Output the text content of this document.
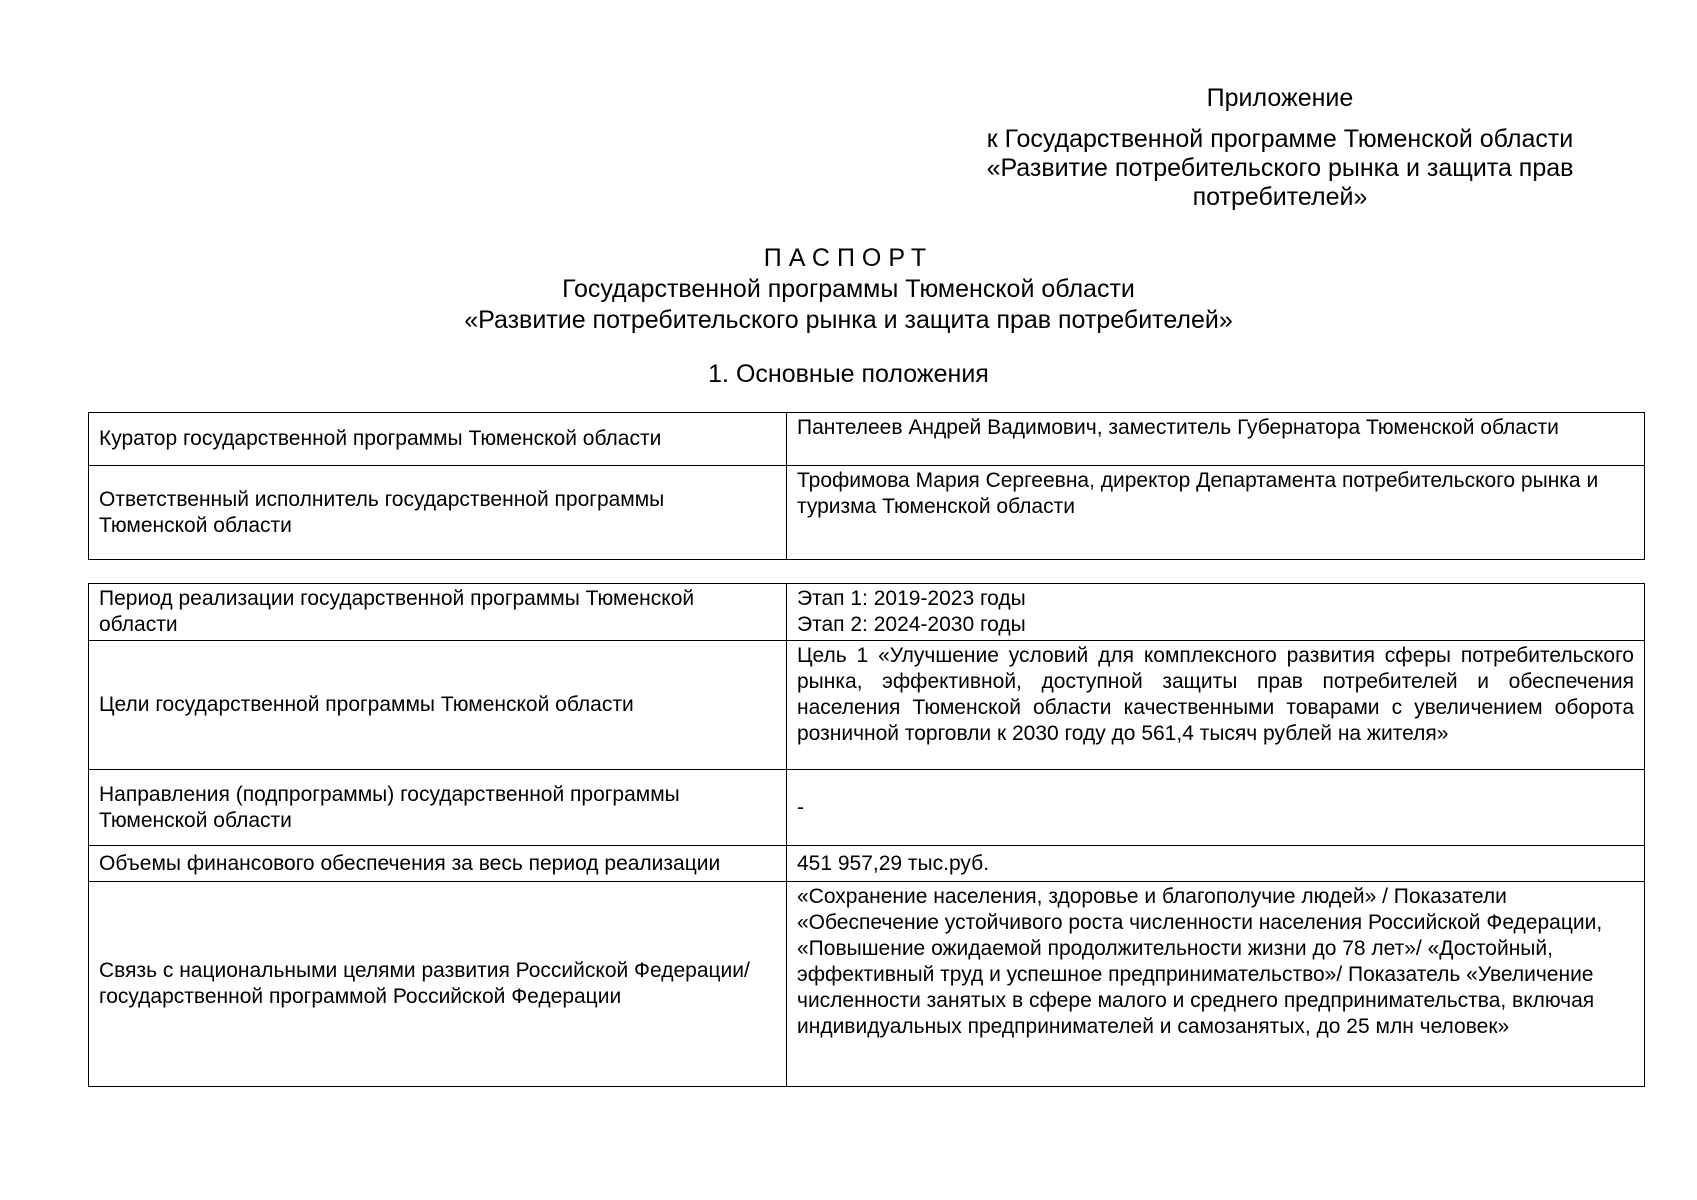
Приложение
к Государственной программе Тюменской области
«Развитие потребительского рынка и защита прав
потребителей»
ПАСПОРТ
Государственной программы Тюменской области
«Развитие потребительского рынка и защита прав потребителей»
1. Основные положения
Куратор государственной программы Тюменской области	Пантелеев Андрей Вадимович, заместитель Губернатора Тюменской области
Ответственный исполнитель государственной программы Тюменской области	Трофимова Мария Сергеевна, директор Департамента потребительского рынка и туризма Тюменской области
Период реализации государственной программы Тюменской области	Этап 1: 2019-2023 годы
Этап 2: 2024-2030 годы

Цели государственной программы Тюменской области	Цель 1 «Улучшение условий для комплексного развития сферы потребительского рынка, эффективной, доступной защиты прав потребителей и обеспечения населения Тюменской области качественными товарами с увеличением оборота розничной торговли к 2030 году до 561,4 тысяч рублей на жителя»
Направления (подпрограммы) государственной программы Тюменской области	-
Объемы финансового обеспечения за весь период реализации	451 957,29 тыс.руб.
Связь с национальными целями развития Российской Федерации/ государственной программой Российской Федерации	«Сохранение населения, здоровье и благополучие людей» / Показатели «Обеспечение устойчивого роста численности населения Российской Федерации, «Повышение ожидаемой продолжительности жизни до 78 лет»/ «Достойный, эффективный труд и успешное предпринимательство»/ Показатель «Увеличение численности занятых в сфере малого и среднего предпринимательства, включая индивидуальных предпринимателей и самозанятых, до 25 млн человек»
